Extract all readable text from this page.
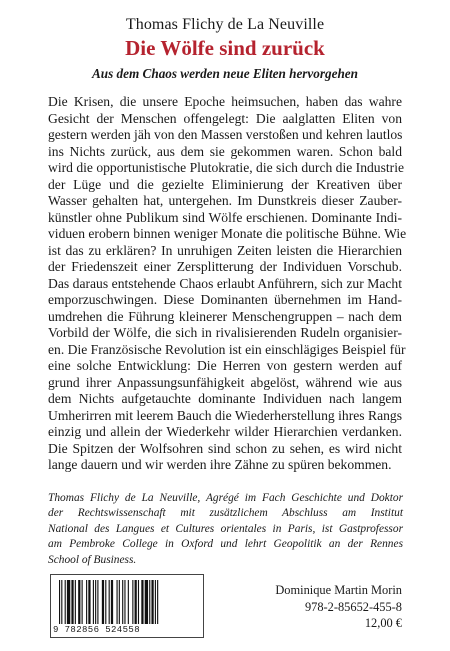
Thomas Flichy de La Neuville
Die Wölfe sind zurück
Aus dem Chaos werden neue Eliten hervorgehen
Die Krisen, die unsere Epoche heimsuchen, haben das wahre
Gesicht der Menschen offengelegt: Die aalglatten Eliten von
gestern werden jäh von den Massen verstoßen und kehren lautlos
ins Nichts zurück, aus dem sie gekommen waren. Schon bald
wird die opportunistische Plutokratie, die sich durch die Industrie
der Lüge und die gezielte Eliminierung der Kreativen über
Wasser gehalten hat, untergehen. Im Dunstkreis dieser Zauber-
künstler ohne Publikum sind Wölfe erschienen. Dominante Indi-
viduen erobern binnen weniger Monate die politische Bühne. Wie
ist das zu erklären? In unruhigen Zeiten leisten die Hierarchien
der Friedenszeit einer Zersplitterung der Individuen Vorschub.
Das daraus entstehende Chaos erlaubt Anführern, sich zur Macht
emporzuschwingen. Diese Dominanten übernehmen im Hand-
umdrehen die Führung kleinerer Menschengruppen – nach dem
Vorbild der Wölfe, die sich in rivalisierenden Rudeln organisier-
en. Die Französische Revolution ist ein einschlägiges Beispiel für
eine solche Entwicklung: Die Herren von gestern werden auf
grund ihrer Anpassungsunfähigkeit abgelöst, während wie aus
dem Nichts aufgetauchte dominante Individuen nach langem
Umherirren mit leerem Bauch die Wiederherstellung ihres Rangs
einzig und allein der Wiederkehr wilder Hierarchien verdanken.
Die Spitzen der Wolfsohren sind schon zu sehen, es wird nicht
lange dauern und wir werden ihre Zähne zu spüren bekommen.
Thomas Flichy de La Neuville, Agrégé im Fach Geschichte und Doktor
der Rechtswissenschaft mit zusätzlichem Abschluss am Institut
National des Langues et Cultures orientales in Paris, ist Gastprofessor
am Pembroke College in Oxford und lehrt Geopolitik an der Rennes
School of Business.
9 782856 524558
Dominique Martin Morin
978-2-85652-455-8
12,00 €
